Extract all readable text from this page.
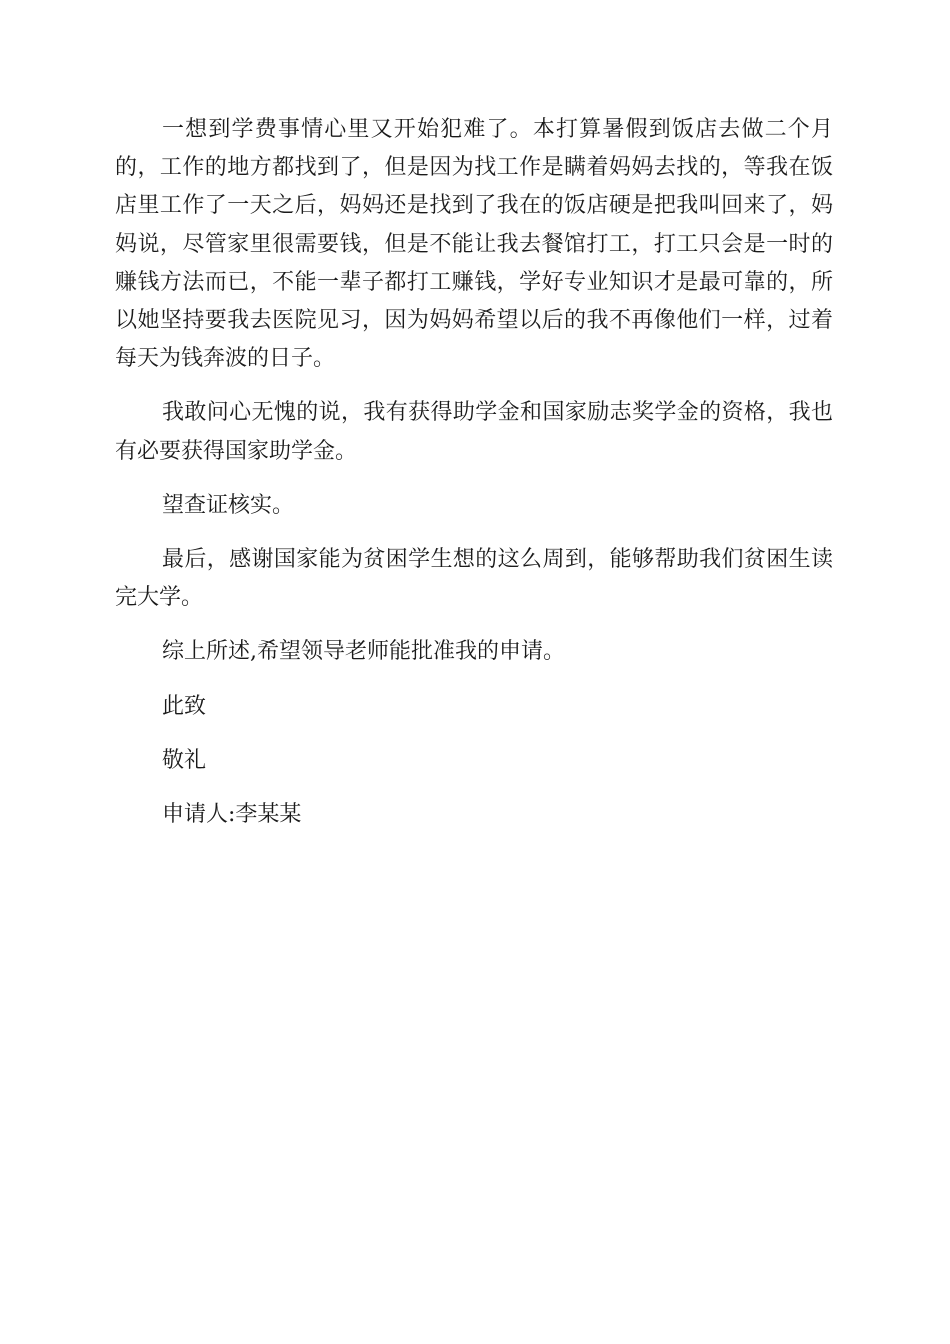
一想到学费事情心里又开始犯难了。本打算暑假到饭店去做二个月的，工作的地方都找到了，但是因为找工作是瞒着妈妈去找的，等我在饭店里工作了一天之后，妈妈还是找到了我在的饭店硬是把我叫回来了，妈妈说，尽管家里很需要钱，但是不能让我去餐馆打工，打工只会是一时的赚钱方法而已，不能一辈子都打工赚钱，学好专业知识才是最可靠的，所以她坚持要我去医院见习，因为妈妈希望以后的我不再像他们一样，过着每天为钱奔波的日子。

我敢问心无愧的说，我有获得助学金和国家励志奖学金的资格，我也有必要获得国家助学金。

望查证核实。

最后，感谢国家能为贫困学生想的这么周到，能够帮助我们贫困生读完大学。

综上所述,希望领导老师能批准我的申请。

此致

敬礼

申请人:李某某
